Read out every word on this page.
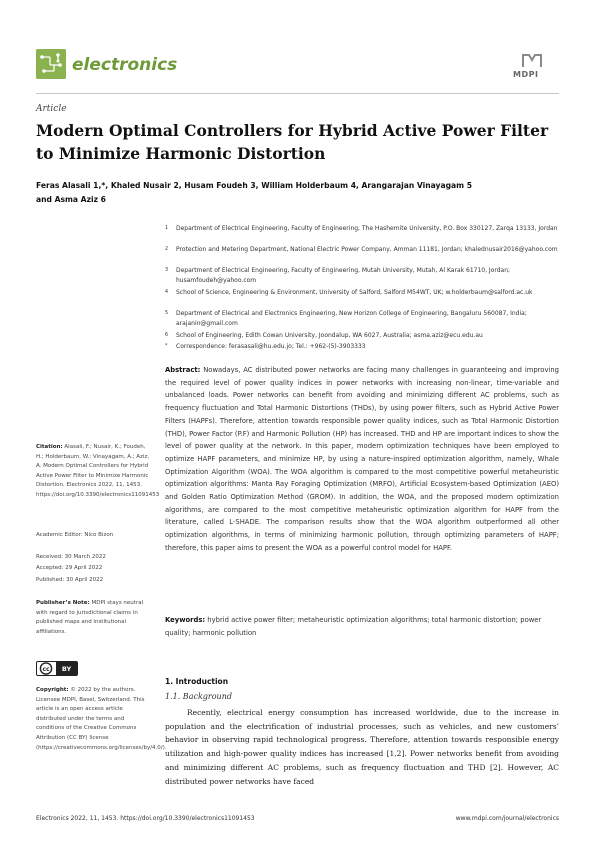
electronics	MDPI
Article
Modern Optimal Controllers for Hybrid Active Power Filter to Minimize Harmonic Distortion
Feras Alasali 1,*, Khaled Nusair 2, Husam Foudeh 3, William Holderbaum 4, Arangarajan Vinayagam 5
and Asma Aziz 6
1 Department of Electrical Engineering, Faculty of Engineering, The Hashemite University, P.O. Box 330127, Zarqa 13133, Jordan
2 Protection and Metering Department, National Electric Power Company, Amman 11181, Jordan; khalednusair2016@yahoo.com
3 Department of Electrical Engineering, Faculty of Engineering, Mutah University, Mutah, Al Karak 61710, Jordan; husamfoudeh@yahoo.com
4 School of Science, Engineering & Environment, University of Salford, Salford M54WT, UK; w.holderbaum@salford.ac.uk
5 Department of Electrical and Electronics Engineering, New Horizon College of Engineering, Bangaluru 560087, India; arajanin@gmail.com
6 School of Engineering, Edith Cowan University, Joondalup, WA 6027, Australia; asma.aziz@ecu.edu.au
* Correspondence: ferasasali@hu.edu.jo; Tel.: +962-(5)-3903333
Citation: Alasali, F.; Nusair, K.; Foudeh, H.; Holderbaum, W.; Vinayagam, A.; Aziz, A. Modern Optimal Controllers for Hybrid Active Power Filter to Minimize Harmonic Distortion. Electronics 2022, 11, 1453. https://doi.org/10.3390/electronics11091453
Academic Editor: Nico Bizon
Received: 30 March 2022
Accepted: 29 April 2022
Published: 30 April 2022
Publisher’s Note: MDPI stays neutral with regard to jurisdictional claims in published maps and institutional affiliations.
cc BY
Copyright: © 2022 by the authors. Licensee MDPI, Basel, Switzerland. This article is an open access article distributed under the terms and conditions of the Creative Commons Attribution (CC BY) license (https://creativecommons.org/licenses/by/4.0/).
Abstract: Nowadays, AC distributed power networks are facing many challenges in guaranteeing and improving the required level of power quality indices in power networks with increasing non-linear, time-variable and unbalanced loads. Power networks can benefit from avoiding and minimizing different AC problems, such as frequency fluctuation and Total Harmonic Distortions (THDs), by using power filters, such as Hybrid Active Power Filters (HAPFs). Therefore, attention towards responsible power quality indices, such as Total Harmonic Distortion (THD), Power Factor (P.F) and Harmonic Pollution (HP) has increased. THD and HP are important indices to show the level of power quality at the network. In this paper, modern optimization techniques have been employed to optimize HAPF parameters, and minimize HP, by using a nature-inspired optimization algorithm, namely, Whale Optimization Algorithm (WOA). The WOA algorithm is compared to the most competitive powerful metaheuristic optimization algorithms: Manta Ray Foraging Optimization (MRFO), Artificial Ecosystem-based Optimization (AEO) and Golden Ratio Optimization Method (GROM). In addition, the WOA, and the proposed modern optimization algorithms, are compared to the most competitive metaheuristic optimization algorithm for HAPF from the literature, called L-SHADE. The comparison results show that the WOA algorithm outperformed all other optimization algorithms, in terms of minimizing harmonic pollution, through optimizing parameters of HAPF; therefore, this paper aims to present the WOA as a powerful control model for HAPF.
Keywords: hybrid active power filter; metaheuristic optimization algorithms; total harmonic distortion; power quality; harmonic pollution
1. Introduction
1.1. Background
Recently, electrical energy consumption has increased worldwide, due to the increase in population and the electrification of industrial processes, such as vehicles, and new customers’ behavior in observing rapid technological progress. Therefore, attention towards responsible energy utilization and high-power quality indices has increased [1,2]. Power networks benefit from avoiding and minimizing different AC problems, such as frequency fluctuation and THD [2]. However, AC distributed power networks have faced
Electronics 2022, 11, 1453. https://doi.org/10.3390/electronics11091453	www.mdpi.com/journal/electronics
